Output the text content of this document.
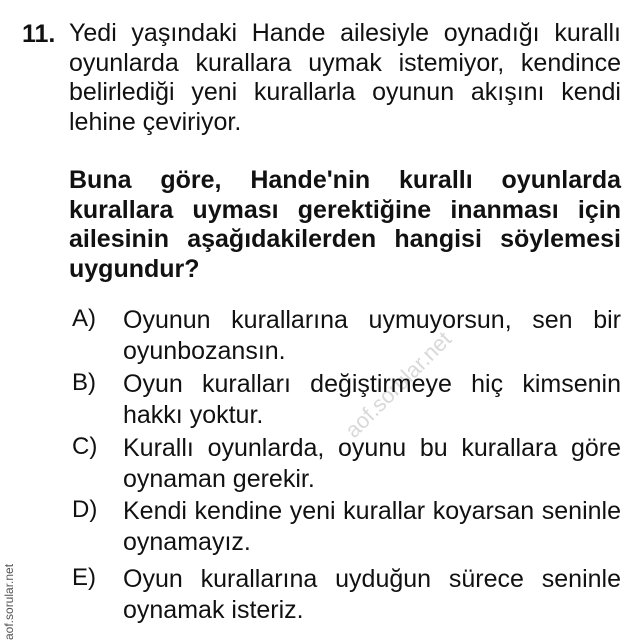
aof.sorular.net
aof.sorular.net
11. Yedi yaşındaki Hande ailesiyle oynadığı kurallı oyunlarda kurallara uymak istemiyor, kendince belirlediği yeni kurallarla oyunun akışını kendi lehine çeviriyor.
Buna göre, Hande'nin kurallı oyunlarda kurallara uyması gerektiğine inanması için ailesinin aşağıdakilerden hangisi söylemesi uygundur?
A) Oyunun kurallarına uymuyorsun, sen bir oyunbozansın.
B) Oyun kuralları değiştirmeye hiç kimsenin hakkı yoktur.
C) Kurallı oyunlarda, oyunu bu kurallara göre oynaman gerekir.
D) Kendi kendine yeni kurallar koyarsan seninle oynamayız.
E) Oyun kurallarına uyduğun sürece seninle oynamak isteriz.
